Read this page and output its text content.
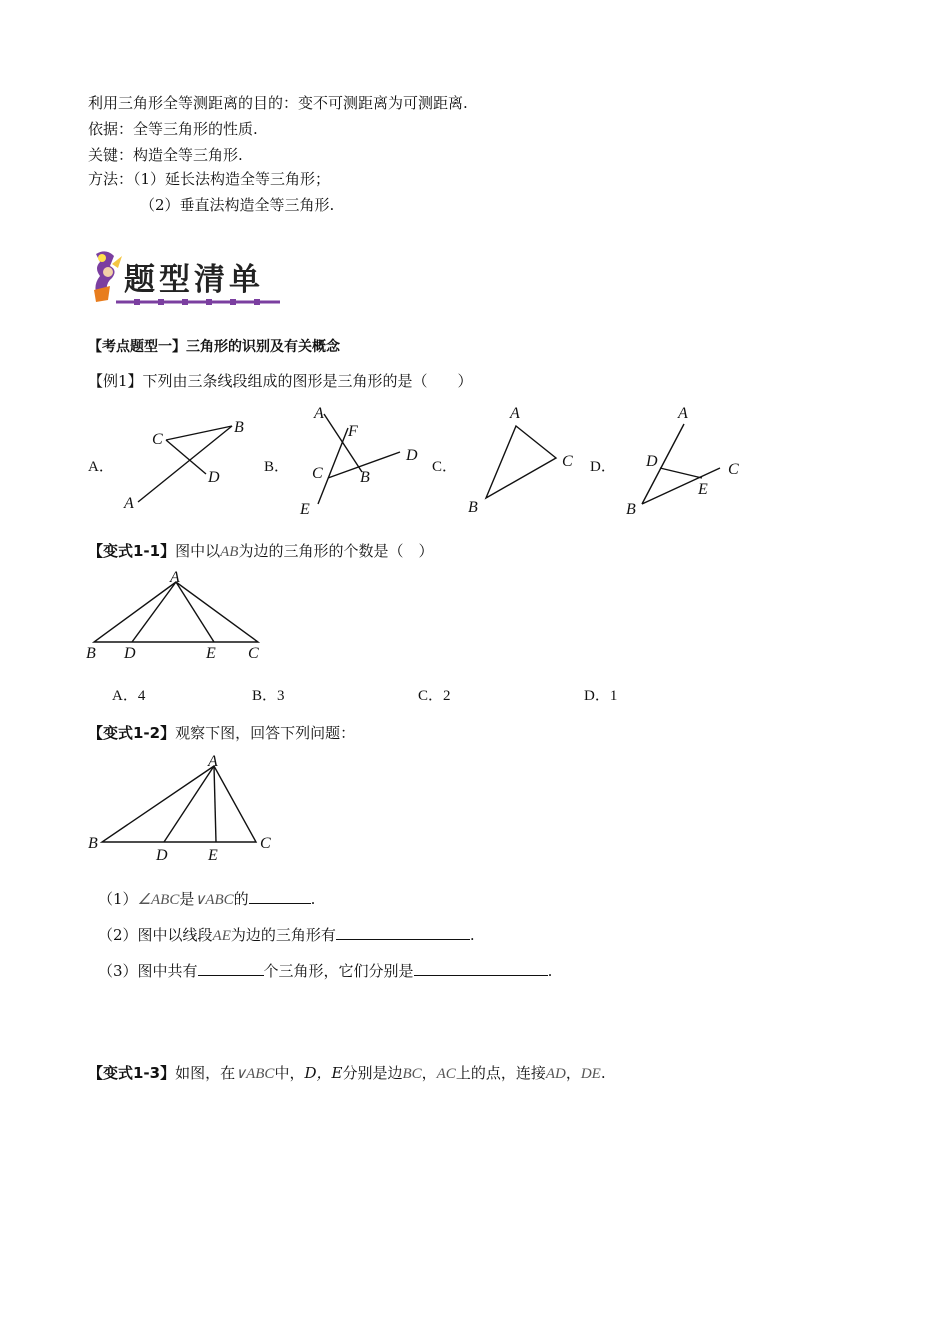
利用三角形全等测距离的目的：变不可测距离为可测距离.
依据：全等三角形的性质.
关键：构造全等三角形.
方法：（1）延长法构造全等三角形；
（2）垂直法构造全等三角形.
题型清单
【考点题型一】三角形的识别及有关概念
【例1】下列由三条线段组成的图形是三角形的是（　　）
A．	B．	C．	D．
C
B
D
A
A
F
D
C B
E
A
C
B
A
D	C
E
B
【变式1-1】图中以AB为边的三角形的个数是（　）
A
B D	E C
A．4	B．3	C．2	D．1
【变式1-2】观察下图，回答下列问题：
A
B
D	E
C
（1）∠ABC是∨ABC的	.
（2）图中以线段AE为边的三角形有	.
（3）图中共有	个三角形，它们分别是	.
【变式1-3】如图，在∨ABC中，D，E分别是边BC，AC上的点，连接AD，DE.
